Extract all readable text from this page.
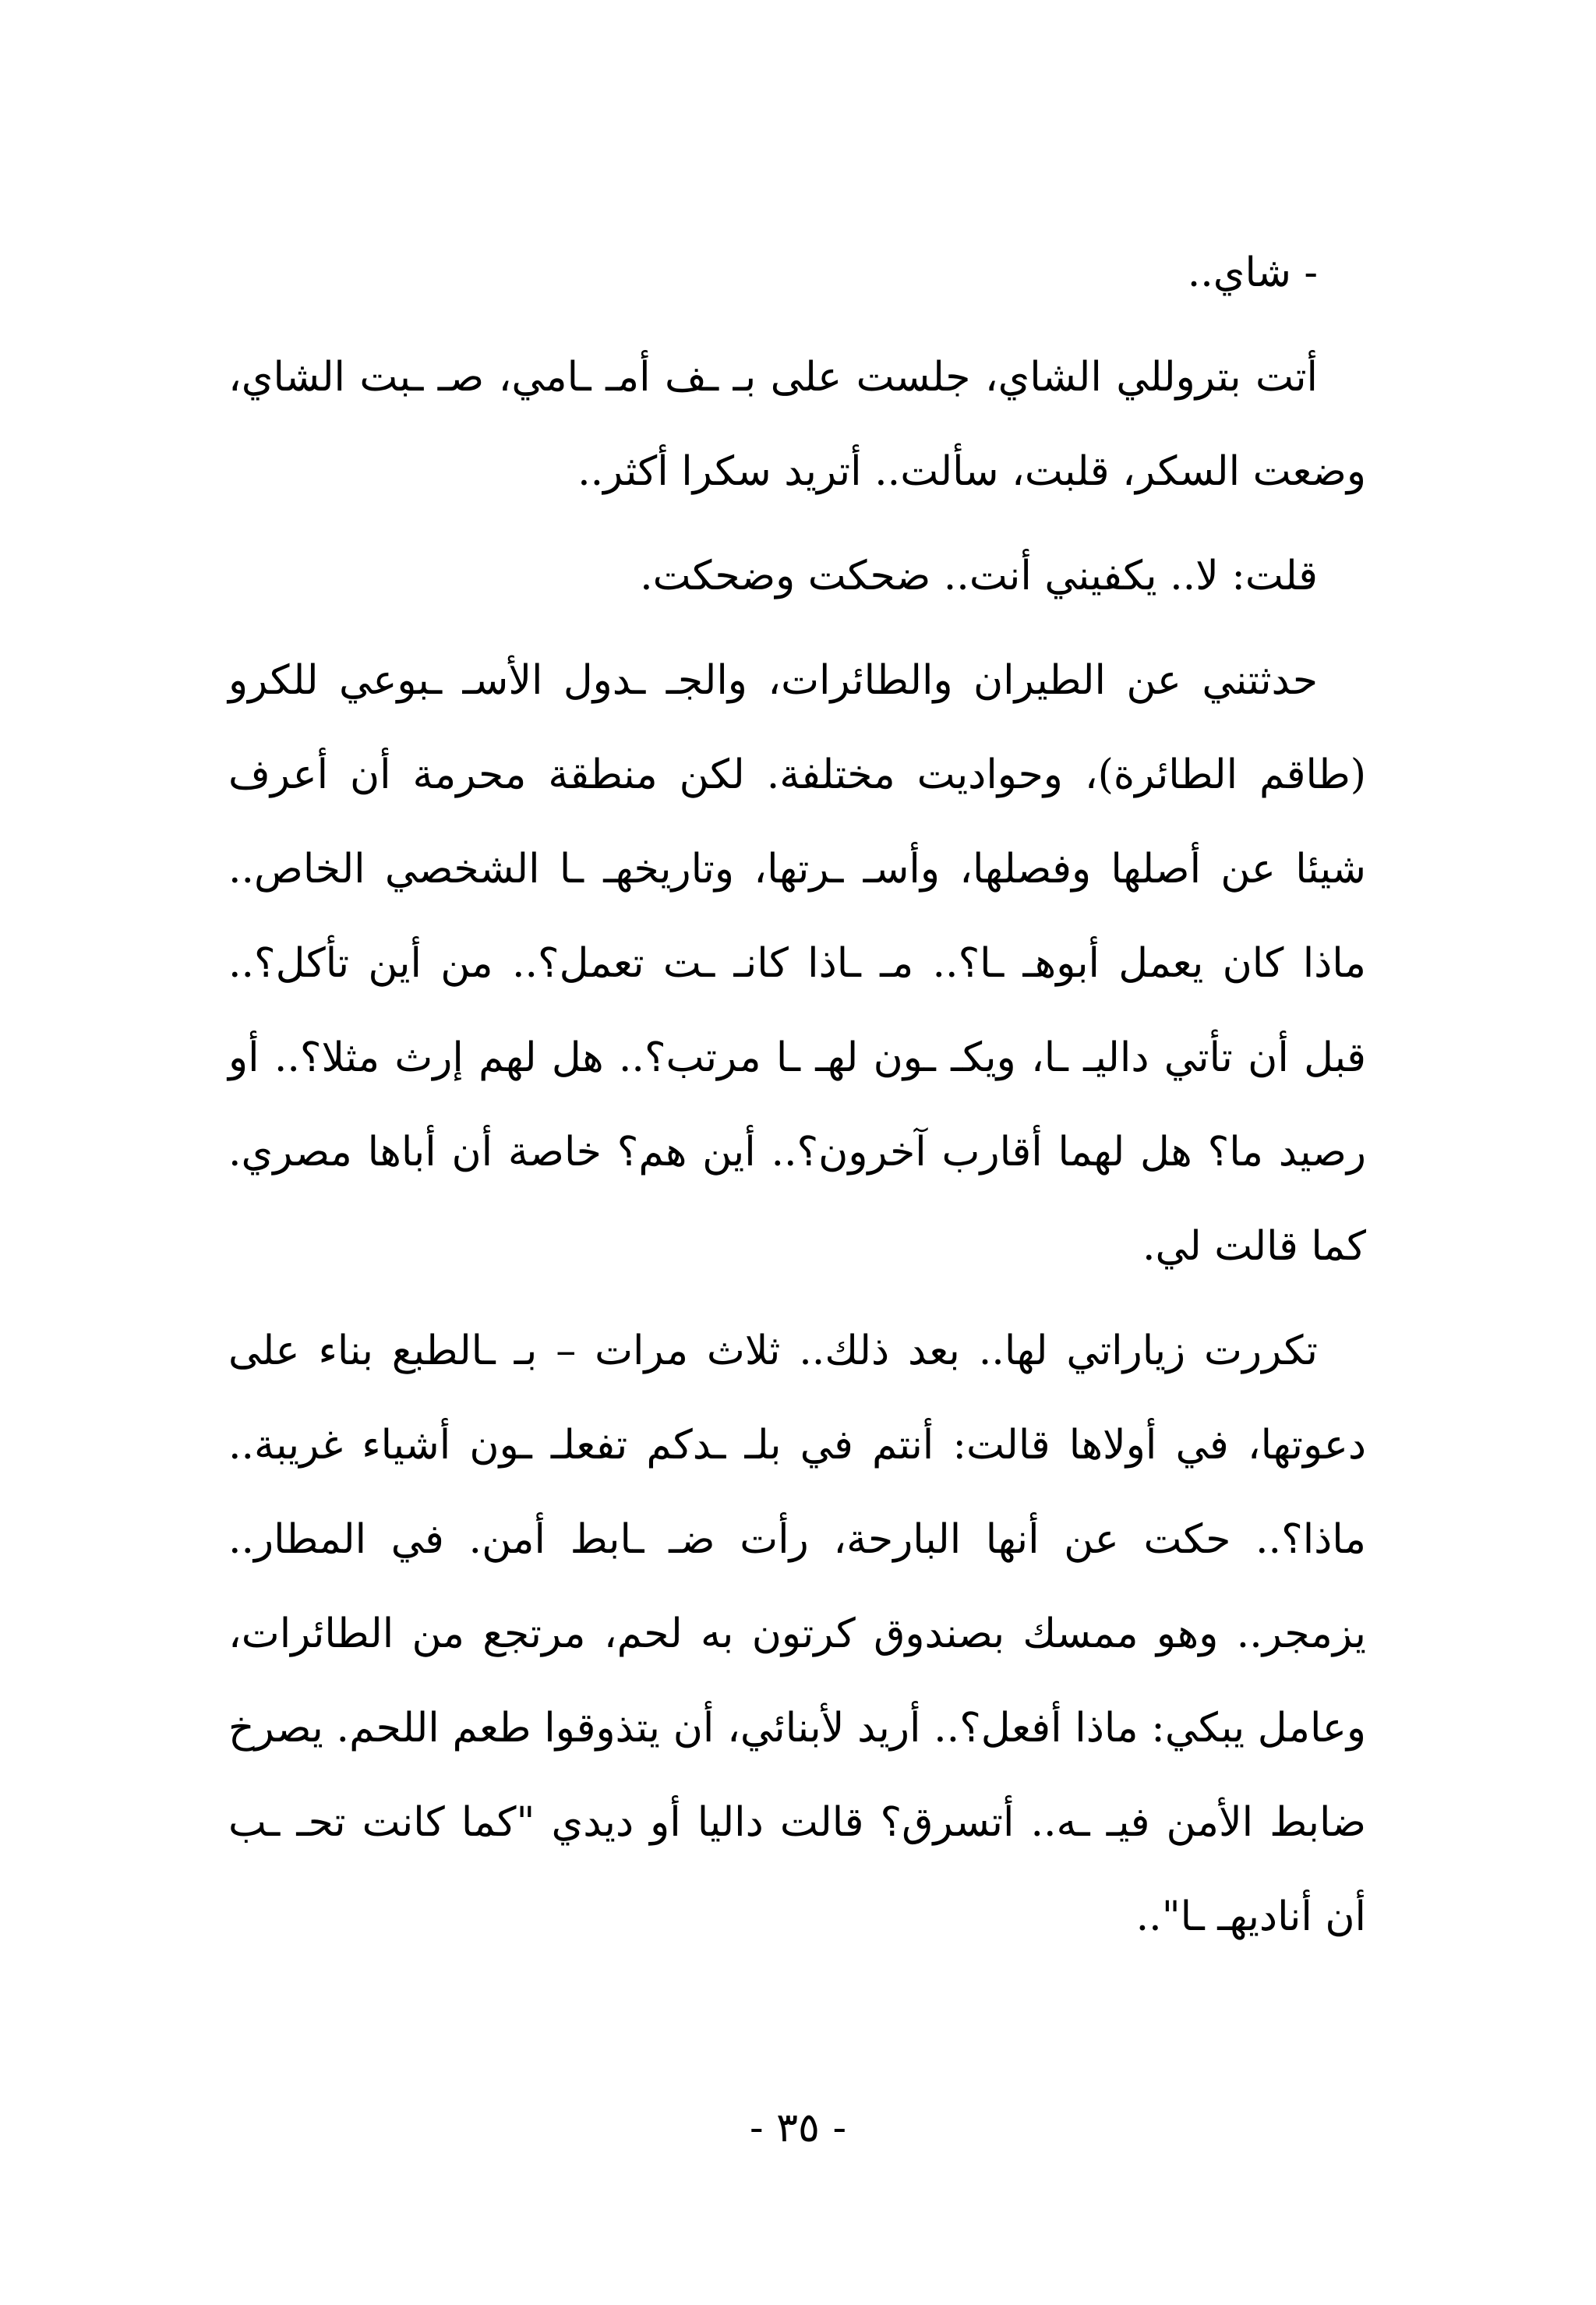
- شاي..

أتت بتروللي الشاي، جلست على بـ ـف أمـ ـامي، صـ ـبت الشاي، وضعت السكر، قلبت، سألت.. أتريد سكرا أكثر..

قلت: لا.. يكفيني أنت.. ضحكت وضحكت.

حدثتني عن الطيران والطائرات، والجـ ـدول الأسـ ـبوعي للكرو (طاقم الطائرة)، وحواديت مختلفة. لكن منطقة محرمة أن أعرف شيئا عن أصلها وفصلها، وأسـ ـرتها، وتاريخهـ ـا الشخصي الخاص.. ماذا كان يعمل أبوهـ ـا؟.. مـ ـاذا كانـ ـت تعمل؟.. من أين تأكل؟.. قبل أن تأتي داليـ ـا، ويكـ ـون لهـ ـا مرتب؟.. هل لهم إرث مثلا؟.. أو رصيد ما؟ هل لهما أقارب آخرون؟.. أين هم؟ خاصة أن أباها مصري. كما قالت لي.

تكررت زياراتي لها.. بعد ذلك.. ثلاث مرات – بـ ـالطبع بناء على دعوتها، في أولاها قالت: أنتم في بلـ ـدكم تفعلـ ـون أشياء غريبة.. ماذا؟.. حكت عن أنها البارحة، رأت ضـ ـابط أمن. في المطار.. يزمجر.. وهو ممسك بصندوق كرتون به لحم، مرتجع من الطائرات، وعامل يبكي: ماذا أفعل؟.. أريد لأبنائي، أن يتذوقوا طعم اللحم. يصرخ ضابط الأمن فيـ ـه.. أتسرق؟ قالت داليا أو ديدي "كما كانت تحـ ـب أن أناديهـ ـا"..

- ٣٥ -
